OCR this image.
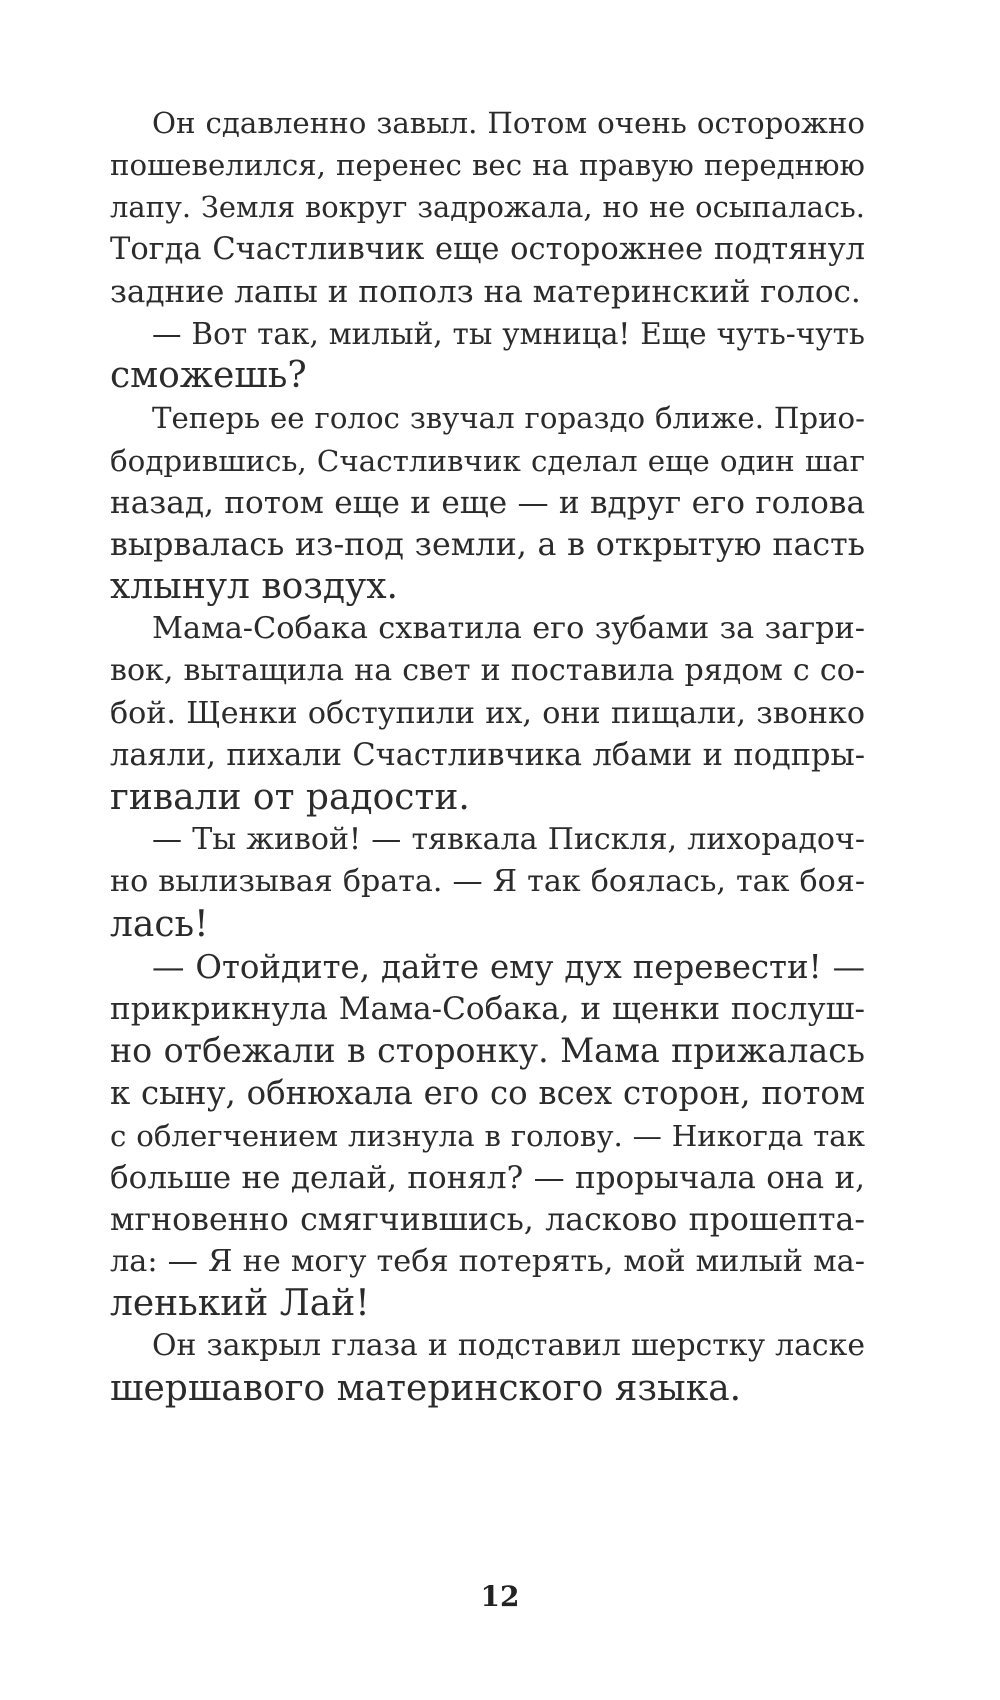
Он сдавленно завыл. Потом очень осторожно
пошевелился, перенес вес на правую переднюю
лапу. Земля вокруг задрожала, но не осыпалась.
Тогда Счастливчик еще осторожнее подтянул
задние лапы и пополз на материнский голос.

— Вот так, милый, ты умница! Еще чуть-чуть
сможешь?

Теперь ее голос звучал гораздо ближе. Прио-
бодрившись, Счастливчик сделал еще один шаг
назад, потом еще и еще — и вдруг его голова
вырвалась из-под земли, а в открытую пасть
хлынул воздух.

Мама-Собака схватила его зубами за загри-
вок, вытащила на свет и поставила рядом с со-
бой. Щенки обступили их, они пищали, звонко
лаяли, пихали Счастливчика лбами и подпры-
гивали от радости.

— Ты живой! — тявкала Пискля, лихорадоч-
но вылизывая брата. — Я так боялась, так боя-
лась!

— Отойдите, дайте ему дух перевести! —
прикрикнула Мама-Собака, и щенки послуш-
но отбежали в сторонку. Мама прижалась
к сыну, обнюхала его со всех сторон, потом
с облегчением лизнула в голову. — Никогда так
больше не делай, понял? — прорычала она и,
мгновенно смягчившись, ласково прошепта-
ла: — Я не могу тебя потерять, мой милый ма-
ленький Лай!

Он закрыл глаза и подставил шерстку ласке
шершавого материнского языка.

12
